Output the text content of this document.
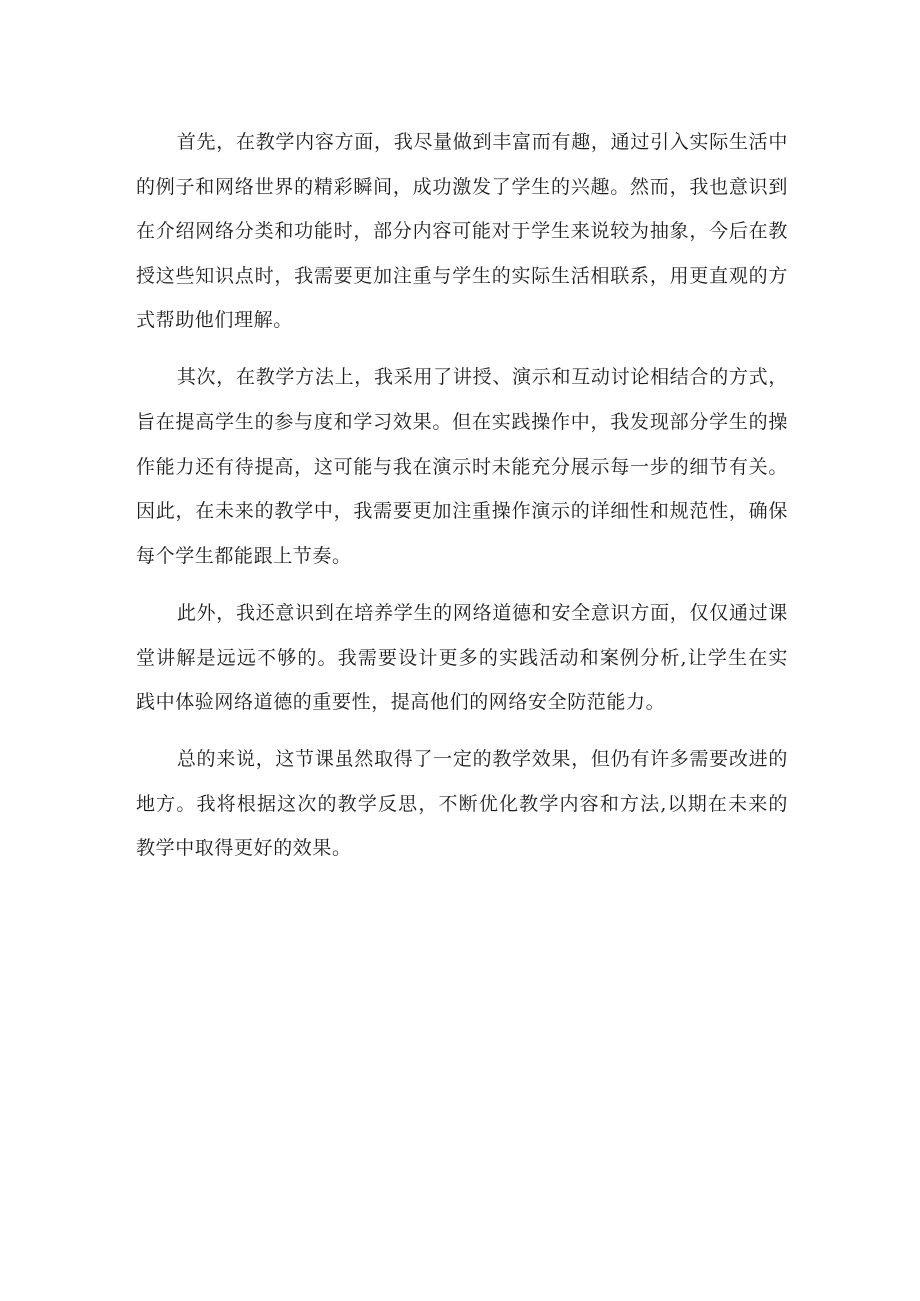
首先，在教学内容方面，我尽量做到丰富而有趣，通过引入实际生活中的例子和网络世界的精彩瞬间，成功激发了学生的兴趣。然而，我也意识到在介绍网络分类和功能时，部分内容可能对于学生来说较为抽象，今后在教授这些知识点时，我需要更加注重与学生的实际生活相联系，用更直观的方式帮助他们理解。

其次，在教学方法上，我采用了讲授、演示和互动讨论相结合的方式，旨在提高学生的参与度和学习效果。但在实践操作中，我发现部分学生的操作能力还有待提高，这可能与我在演示时未能充分展示每一步的细节有关。因此，在未来的教学中，我需要更加注重操作演示的详细性和规范性，确保每个学生都能跟上节奏。

此外，我还意识到在培养学生的网络道德和安全意识方面，仅仅通过课堂讲解是远远不够的。我需要设计更多的实践活动和案例分析,让学生在实践中体验网络道德的重要性，提高他们的网络安全防范能力。

总的来说，这节课虽然取得了一定的教学效果，但仍有许多需要改进的地方。我将根据这次的教学反思，不断优化教学内容和方法,以期在未来的教学中取得更好的效果。
